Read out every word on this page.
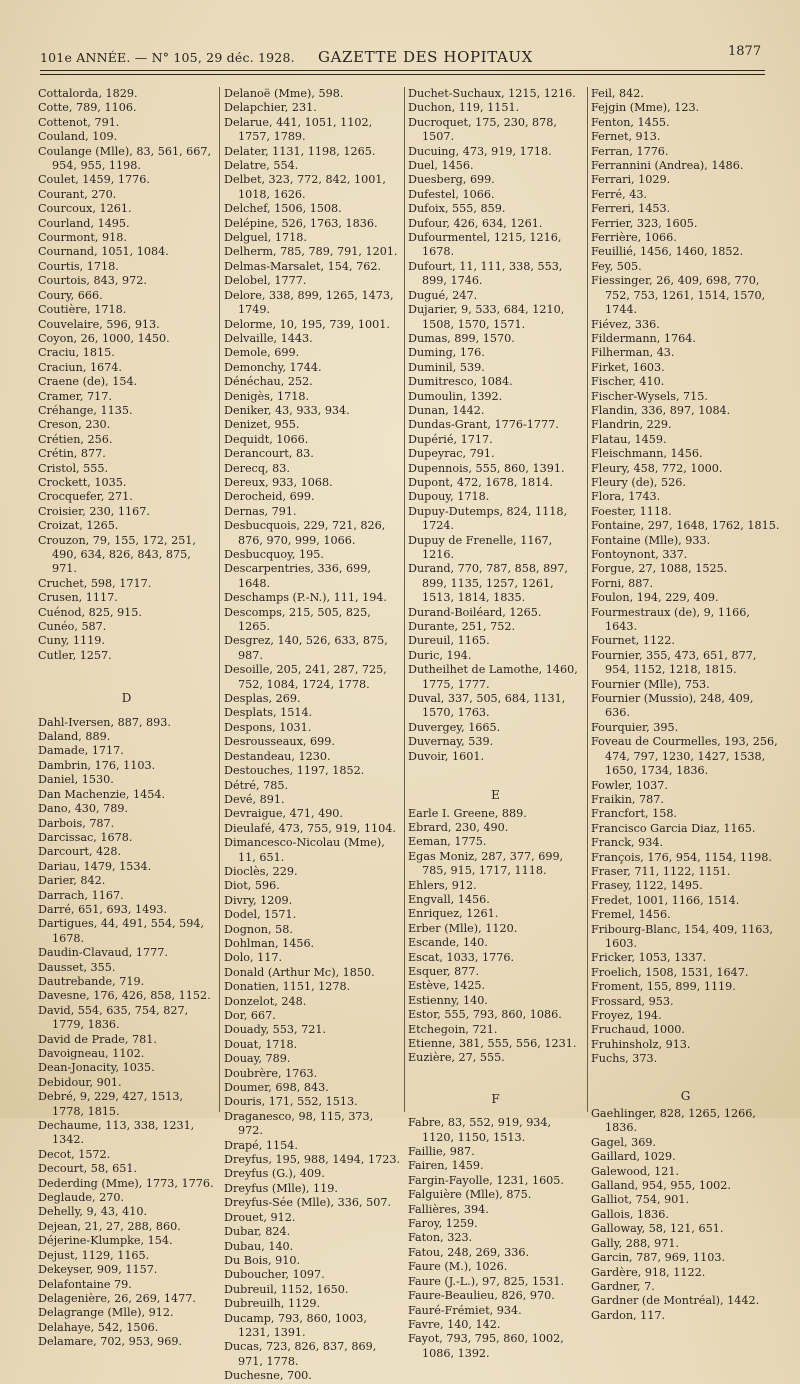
101e ANNÉE. — N° 105, 29 déc. 1928. GAZETTE DES HOPITAUX	1877
Cottalorda, 1829.
Cotte, 789, 1106.
Cottenot, 791.
Couland, 109.
Coulange (Mlle), 83, 561, 667, 954, 955, 1198.
Coulet, 1459, 1776.
Courant, 270.
Courcoux, 1261.
Courland, 1495.
Courmont, 918.
Cournand, 1051, 1084.
Courtis, 1718.
Courtois, 843, 972.
Coury, 666.
Coutière, 1718.
Couvelaire, 596, 913.
Coyon, 26, 1000, 1450.
Craciu, 1815.
Craciun, 1674.
Craene (de), 154.
Cramer, 717.
Créhange, 1135.
Creson, 230.
Crétien, 256.
Crétin, 877.
Cristol, 555.
Crockett, 1035.
Crocquefer, 271.
Croisier, 230, 1167.
Croizat, 1265.
Crouzon, 79, 155, 172, 251, 490, 634, 826, 843, 875, 971.
Cruchet, 598, 1717.
Crusen, 1117.
Cuénod, 825, 915.
Cunéo, 587.
Cuny, 1119.
Cutler, 1257.
D
Dahl-Iversen, 887, 893.
Daland, 889.
Damade, 1717.
Dambrin, 176, 1103.
Daniel, 1530.
Dan Machenzie, 1454.
Dano, 430, 789.
Darbois, 787.
Darcissac, 1678.
Darcourt, 428.
Dariau, 1479, 1534.
Darier, 842.
Darrach, 1167.
Darré, 651, 693, 1493.
Dartigues, 44, 491, 554, 594, 1678.
Daudin-Clavaud, 1777.
Dausset, 355.
Dautrebande, 719.
Davesne, 176, 426, 858, 1152.
David, 554, 635, 754, 827, 1779, 1836.
David de Prade, 781.
Davoigneau, 1102.
Dean-Jonacity, 1035.
Debidour, 901.
Debré, 9, 229, 427, 1513, 1778, 1815.
Dechaume, 113, 338, 1231, 1342.
Decot, 1572.
Decourt, 58, 651.
Dederding (Mme), 1773, 1776.
Deglaude, 270.
Dehelly, 9, 43, 410.
Dejean, 21, 27, 288, 860.
Déjerine-Klumpke, 154.
Dejust, 1129, 1165.
Dekeyser, 909, 1157.
Delafontaine 79.
Delagenière, 26, 269, 1477.
Delagrange (Mlle), 912.
Delahaye, 542, 1506.
Delamare, 702, 953, 969.
Delanoë (Mme), 598.
Delapchier, 231.
Delarue, 441, 1051, 1102, 1757, 1789.
Delater, 1131, 1198, 1265.
Delatre, 554.
Delbet, 323, 772, 842, 1001, 1018, 1626.
Delchef, 1506, 1508.
Delépine, 526, 1763, 1836.
Delguel, 1718.
Delherm, 785, 789, 791, 1201.
Delmas-Marsalet, 154, 762.
Delobel, 1777.
Delore, 338, 899, 1265, 1473, 1749.
Delorme, 10, 195, 739, 1001.
Delvaille, 1443.
Demole, 699.
Demonchy, 1744.
Dénéchau, 252.
Denigès, 1718.
Deniker, 43, 933, 934.
Denizet, 955.
Dequidt, 1066.
Derancourt, 83.
Derecq, 83.
Dereux, 933, 1068.
Derocheid, 699.
Dernas, 791.
Desbucquois, 229, 721, 826, 876, 970, 999, 1066.
Desbucquoy, 195.
Descarpentries, 336, 699, 1648.
Deschamps (P.-N.), 111, 194.
Descomps, 215, 505, 825, 1265.
Desgrez, 140, 526, 633, 875, 987.
Desoille, 205, 241, 287, 725, 752, 1084, 1724, 1778.
Desplas, 269.
Desplats, 1514.
Despons, 1031.
Desrousseaux, 699.
Destandeau, 1230.
Destouches, 1197, 1852.
Détré, 785.
Devé, 891.
Devraigue, 471, 490.
Dieulafé, 473, 755, 919, 1104.
Dimancesco-Nicolau (Mme), 11, 651.
Dioclès, 229.
Diot, 596.
Divry, 1209.
Dodel, 1571.
Dognon, 58.
Dohlman, 1456.
Dolo, 117.
Donald (Arthur Mc), 1850.
Donatien, 1151, 1278.
Donzelot, 248.
Dor, 667.
Douady, 553, 721.
Douat, 1718.
Douay, 789.
Doubrère, 1763.
Doumer, 698, 843.
Douris, 171, 552, 1513.
Draganesco, 98, 115, 373, 972.
Drapé, 1154.
Dreyfus, 195, 988, 1494, 1723.
Dreyfus (G.), 409.
Dreyfus (Mlle), 119.
Dreyfus-Sée (Mlle), 336, 507.
Drouet, 912.
Dubar, 824.
Dubau, 140.
Du Bois, 910.
Duboucher, 1097.
Dubreuil, 1152, 1650.
Dubreuilh, 1129.
Ducamp, 793, 860, 1003, 1231, 1391.
Ducas, 723, 826, 837, 869, 971, 1778.
Duchesne, 700.
Duchet-Suchaux, 1215, 1216.
Duchon, 119, 1151.
Ducroquet, 175, 230, 878, 1507.
Ducuing, 473, 919, 1718.
Duel, 1456.
Duesberg, 699.
Dufestel, 1066.
Dufoix, 555, 859.
Dufour, 426, 634, 1261.
Dufourmentel, 1215, 1216, 1678.
Dufourt, 11, 111, 338, 553, 899, 1746.
Dugué, 247.
Dujarier, 9, 533, 684, 1210, 1508, 1570, 1571.
Dumas, 899, 1570.
Duming, 176.
Duminil, 539.
Dumitresco, 1084.
Dumoulin, 1392.
Dunan, 1442.
Dundas-Grant, 1776-1777.
Dupérié, 1717.
Dupeyrac, 791.
Dupennois, 555, 860, 1391.
Dupont, 472, 1678, 1814.
Dupouy, 1718.
Dupuy-Dutemps, 824, 1118, 1724.
Dupuy de Frenelle, 1167, 1216.
Durand, 770, 787, 858, 897, 899, 1135, 1257, 1261, 1513, 1814, 1835.
Durand-Boiléard, 1265.
Durante, 251, 752.
Dureuil, 1165.
Duric, 194.
Dutheilhet de Lamothe, 1460, 1775, 1777.
Duval, 337, 505, 684, 1131, 1570, 1763.
Duvergey, 1665.
Duvernay, 539.
Duvoir, 1601.
E
Earle I. Greene, 889.
Ebrard, 230, 490.
Eeman, 1775.
Egas Moniz, 287, 377, 699, 785, 915, 1717, 1118.
Ehlers, 912.
Engvall, 1456.
Enriquez, 1261.
Erber (Mlle), 1120.
Escande, 140.
Escat, 1033, 1776.
Esquer, 877.
Estève, 1425.
Estienny, 140.
Estor, 555, 793, 860, 1086.
Etchegoin, 721.
Etienne, 381, 555, 556, 1231.
Euzière, 27, 555.
F
Fabre, 83, 552, 919, 934, 1120, 1150, 1513.
Faillie, 987.
Fairen, 1459.
Fargin-Fayolle, 1231, 1605.
Falguière (Mlle), 875.
Fallières, 394.
Faroy, 1259.
Faton, 323.
Fatou, 248, 269, 336.
Faure (M.), 1026.
Faure (J.-L.), 97, 825, 1531.
Faure-Beaulieu, 826, 970.
Fauré-Frémiet, 934.
Favre, 140, 142.
Fayot, 793, 795, 860, 1002, 1086, 1392.
Feil, 842.
Fejgin (Mme), 123.
Fenton, 1455.
Fernet, 913.
Ferran, 1776.
Ferrannini (Andrea), 1486.
Ferrari, 1029.
Ferré, 43.
Ferreri, 1453.
Ferrier, 323, 1605.
Ferrière, 1066.
Feuillié, 1456, 1460, 1852.
Fey, 505.
Fiessinger, 26, 409, 698, 770, 752, 753, 1261, 1514, 1570, 1744.
Fiévez, 336.
Fildermann, 1764.
Filherman, 43.
Firket, 1603.
Fischer, 410.
Fischer-Wysels, 715.
Flandin, 336, 897, 1084.
Flandrin, 229.
Flatau, 1459.
Fleischmann, 1456.
Fleury, 458, 772, 1000.
Fleury (de), 526.
Flora, 1743.
Foester, 1118.
Fontaine, 297, 1648, 1762, 1815.
Fontaine (Mlle), 933.
Fontoynont, 337.
Forgue, 27, 1088, 1525.
Forni, 887.
Foulon, 194, 229, 409.
Fourmestraux (de), 9, 1166, 1643.
Fournet, 1122.
Fournier, 355, 473, 651, 877, 954, 1152, 1218, 1815.
Fournier (Mlle), 753.
Fournier (Mussio), 248, 409, 636.
Fourquier, 395.
Foveau de Courmelles, 193, 256, 474, 797, 1230, 1427, 1538, 1650, 1734, 1836.
Fowler, 1037.
Fraikin, 787.
Francfort, 158.
Francisco Garcia Diaz, 1165.
Franck, 934.
François, 176, 954, 1154, 1198.
Fraser, 711, 1122, 1151.
Frasey, 1122, 1495.
Fredet, 1001, 1166, 1514.
Fremel, 1456.
Fribourg-Blanc, 154, 409, 1163, 1603.
Fricker, 1053, 1337.
Froelich, 1508, 1531, 1647.
Froment, 155, 899, 1119.
Frossard, 953.
Froyez, 194.
Fruchaud, 1000.
Fruhinsholz, 913.
Fuchs, 373.
G
Gaehlinger, 828, 1265, 1266, 1836.
Gagel, 369.
Gaillard, 1029.
Galewood, 121.
Galland, 954, 955, 1002.
Galliot, 754, 901.
Gallois, 1836.
Galloway, 58, 121, 651.
Gally, 288, 971.
Garcin, 787, 969, 1103.
Gardère, 918, 1122.
Gardner, 7.
Gardner (de Montréal), 1442.
Gardon, 117.
